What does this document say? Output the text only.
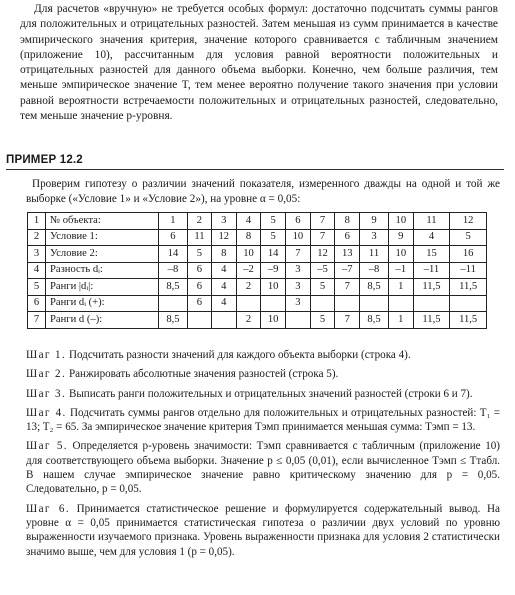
Для расчетов «вручную» не требуется особых формул: достаточно подсчитать суммы рангов для положительных и отрицательных разностей. Затем меньшая из сумм принимается в качестве эмпирического значения критерия, значение которого сравнивается с табличным значением (приложение 10), рассчитанным для условия равной вероятности положительных и отрицательных разностей для данного объема выборки. Конечно, чем больше различия, тем меньше эмпирическое значение T, тем менее вероятно получение такого значения при условии равной вероятности встречаемости положительных и отрицательных разностей, следовательно, тем меньше значение p-уровня.

ПРИМЕР 12.2

Проверим гипотезу о различии значений показателя, измеренного дважды на одной и той же выборке («Условие 1» и «Условие 2»), на уровне α = 0,05:

1	№ объекта:	1	2	3	4	5	6	7	8	9	10	11	12
2	Условие 1:	6	11	12	8	5	10	7	6	3	9	4	5
3	Условие 2:	14	5	8	10	14	7	12	13	11	10	15	16
4	Разность dᵢ:	–8	6	4	–2	–9	3	–5	–7	–8	–1	–11	–11
5	Ранги |dᵢ|:	8,5	6	4	2	10	3	5	7	8,5	1	11,5	11,5
6	Ранги dᵢ (+):		6	4			3						
7	Ранги d (–):	8,5			2	10		5	7	8,5	1	11,5	11,5

Шаг 1. Подсчитать разности значений для каждого объекта выборки (строка 4).

Шаг 2. Ранжировать абсолютные значения разностей (строка 5).

Шаг 3. Выписать ранги положительных и отрицательных значений разностей (строки 6 и 7).

Шаг 4. Подсчитать суммы рангов отдельно для положительных и отрицательных разностей: T₁ = 13; T₂ = 65. За эмпирическое значение критерия Tэмп принимается меньшая сумма: Tэмп = 13.

Шаг 5. Определяется p-уровень значимости: Tэмп сравнивается с табличным (приложение 10) для соответствующего объема выборки. Значение p ≤ 0,05 (0,01), если вычисленное Tэмп ≤ Tтабл. В нашем случае эмпирическое значение равно критическому значению для p = 0,05. Следовательно, p = 0,05.

Шаг 6. Принимается статистическое решение и формулируется содержательный вывод. На уровне α = 0,05 принимается статистическая гипотеза о различии двух условий по уровню выраженности изучаемого признака. Уровень выраженности признака для условия 2 статистически значимо выше, чем для условия 1 (p = 0,05).
